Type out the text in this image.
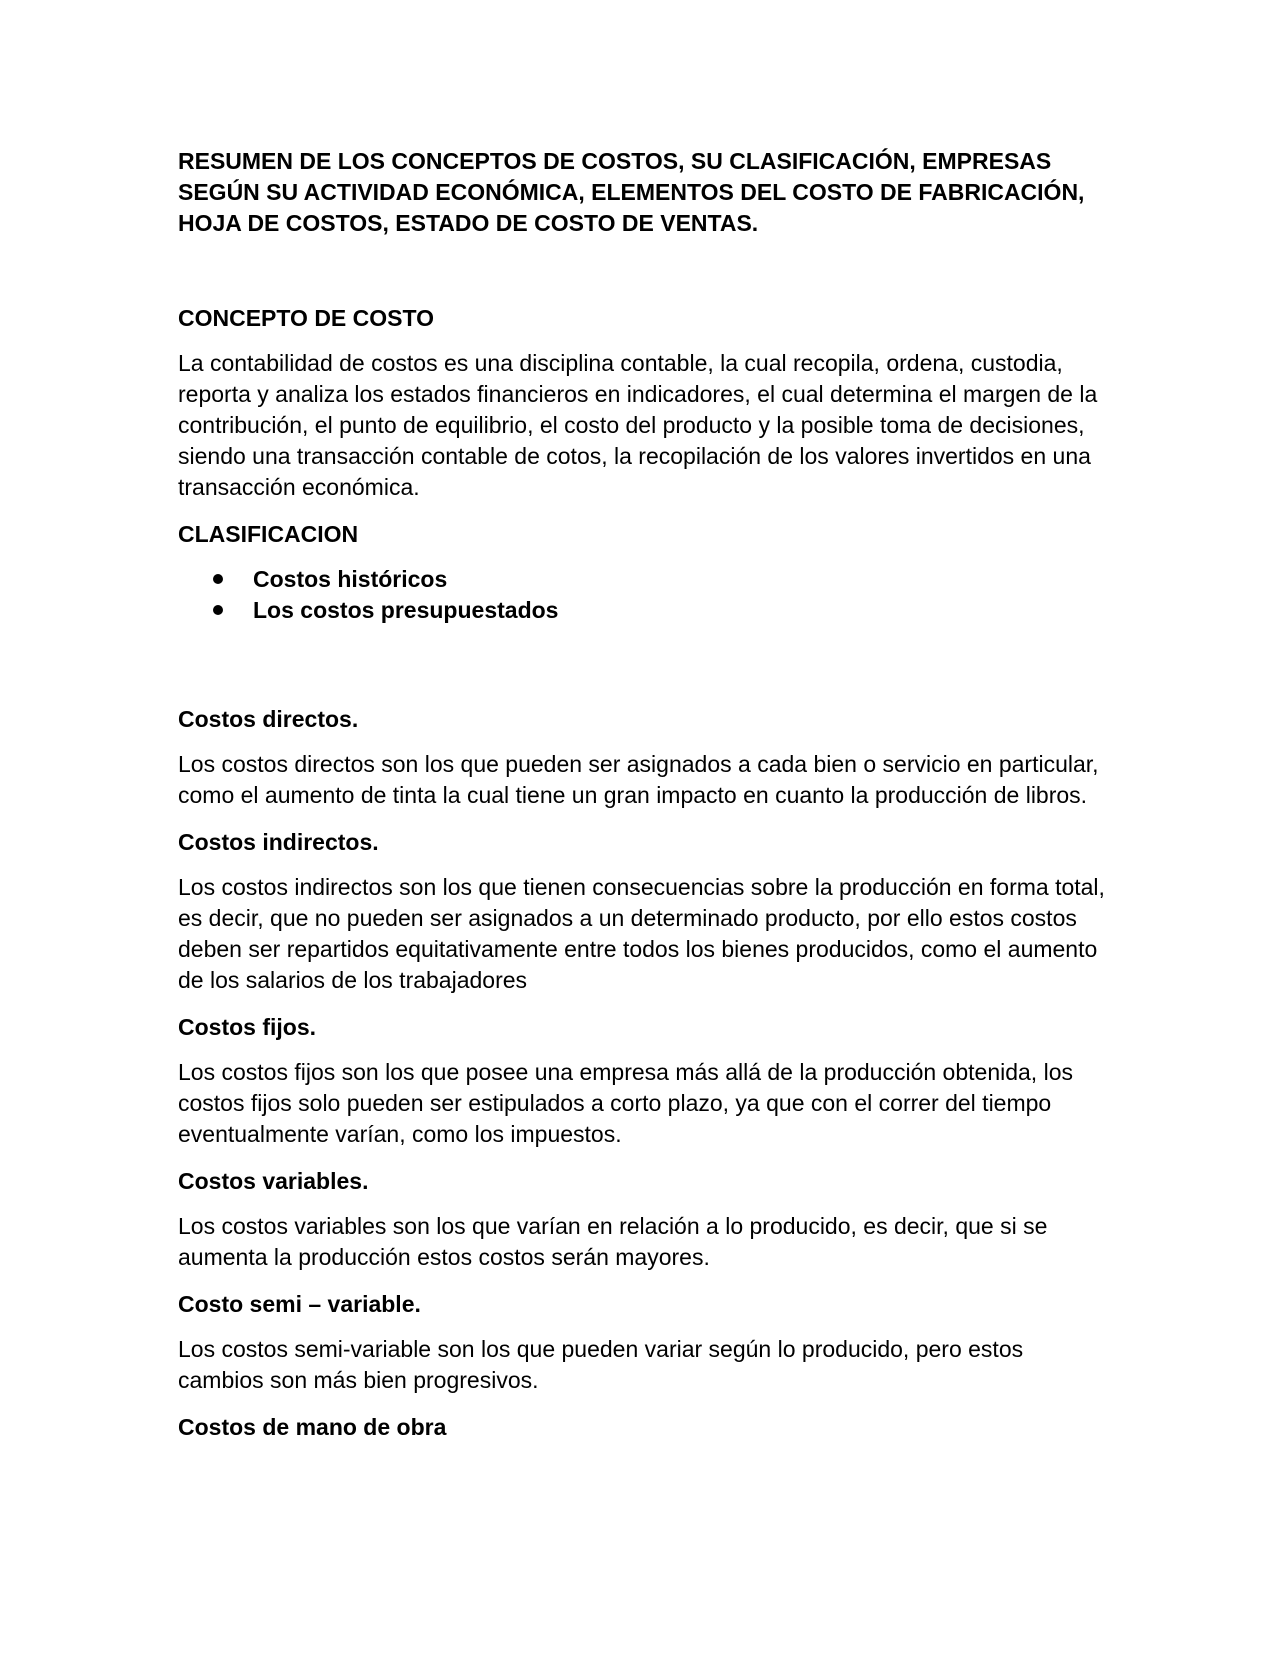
RESUMEN DE LOS CONCEPTOS DE COSTOS, SU CLASIFICACIÓN, EMPRESAS SEGÚN SU ACTIVIDAD ECONÓMICA, ELEMENTOS DEL COSTO DE FABRICACIÓN, HOJA DE COSTOS, ESTADO DE COSTO DE VENTAS.
CONCEPTO DE COSTO

La contabilidad de costos es una disciplina contable, la cual recopila, ordena, custodia, reporta y analiza los estados financieros en indicadores, el cual determina el margen de la contribución, el punto de equilibrio, el costo del producto y la posible toma de decisiones, siendo una transacción contable de cotos, la recopilación de los valores invertidos en una transacción económica.

CLASIFICACION
Costos históricos
Los costos presupuestados
Costos directos.

Los costos directos son los que pueden ser asignados a cada bien o servicio en particular, como el aumento de tinta la cual tiene un gran impacto en cuanto la producción de libros.

Costos indirectos.

Los costos indirectos son los que tienen consecuencias sobre la producción en forma total, es decir, que no pueden ser asignados a un determinado producto, por ello estos costos deben ser repartidos equitativamente entre todos los bienes producidos, como el aumento de los salarios de los trabajadores

Costos fijos.

Los costos fijos son los que posee una empresa más allá de la producción obtenida, los costos fijos solo pueden ser estipulados a corto plazo, ya que con el correr del tiempo eventualmente varían, como los impuestos.

Costos variables.

Los costos variables son los que varían en relación a lo producido, es decir, que si se aumenta la producción estos costos serán mayores.

Costo semi – variable.

Los costos semi-variable son los que pueden variar según lo producido, pero estos cambios son más bien progresivos.

Costos de mano de obra
